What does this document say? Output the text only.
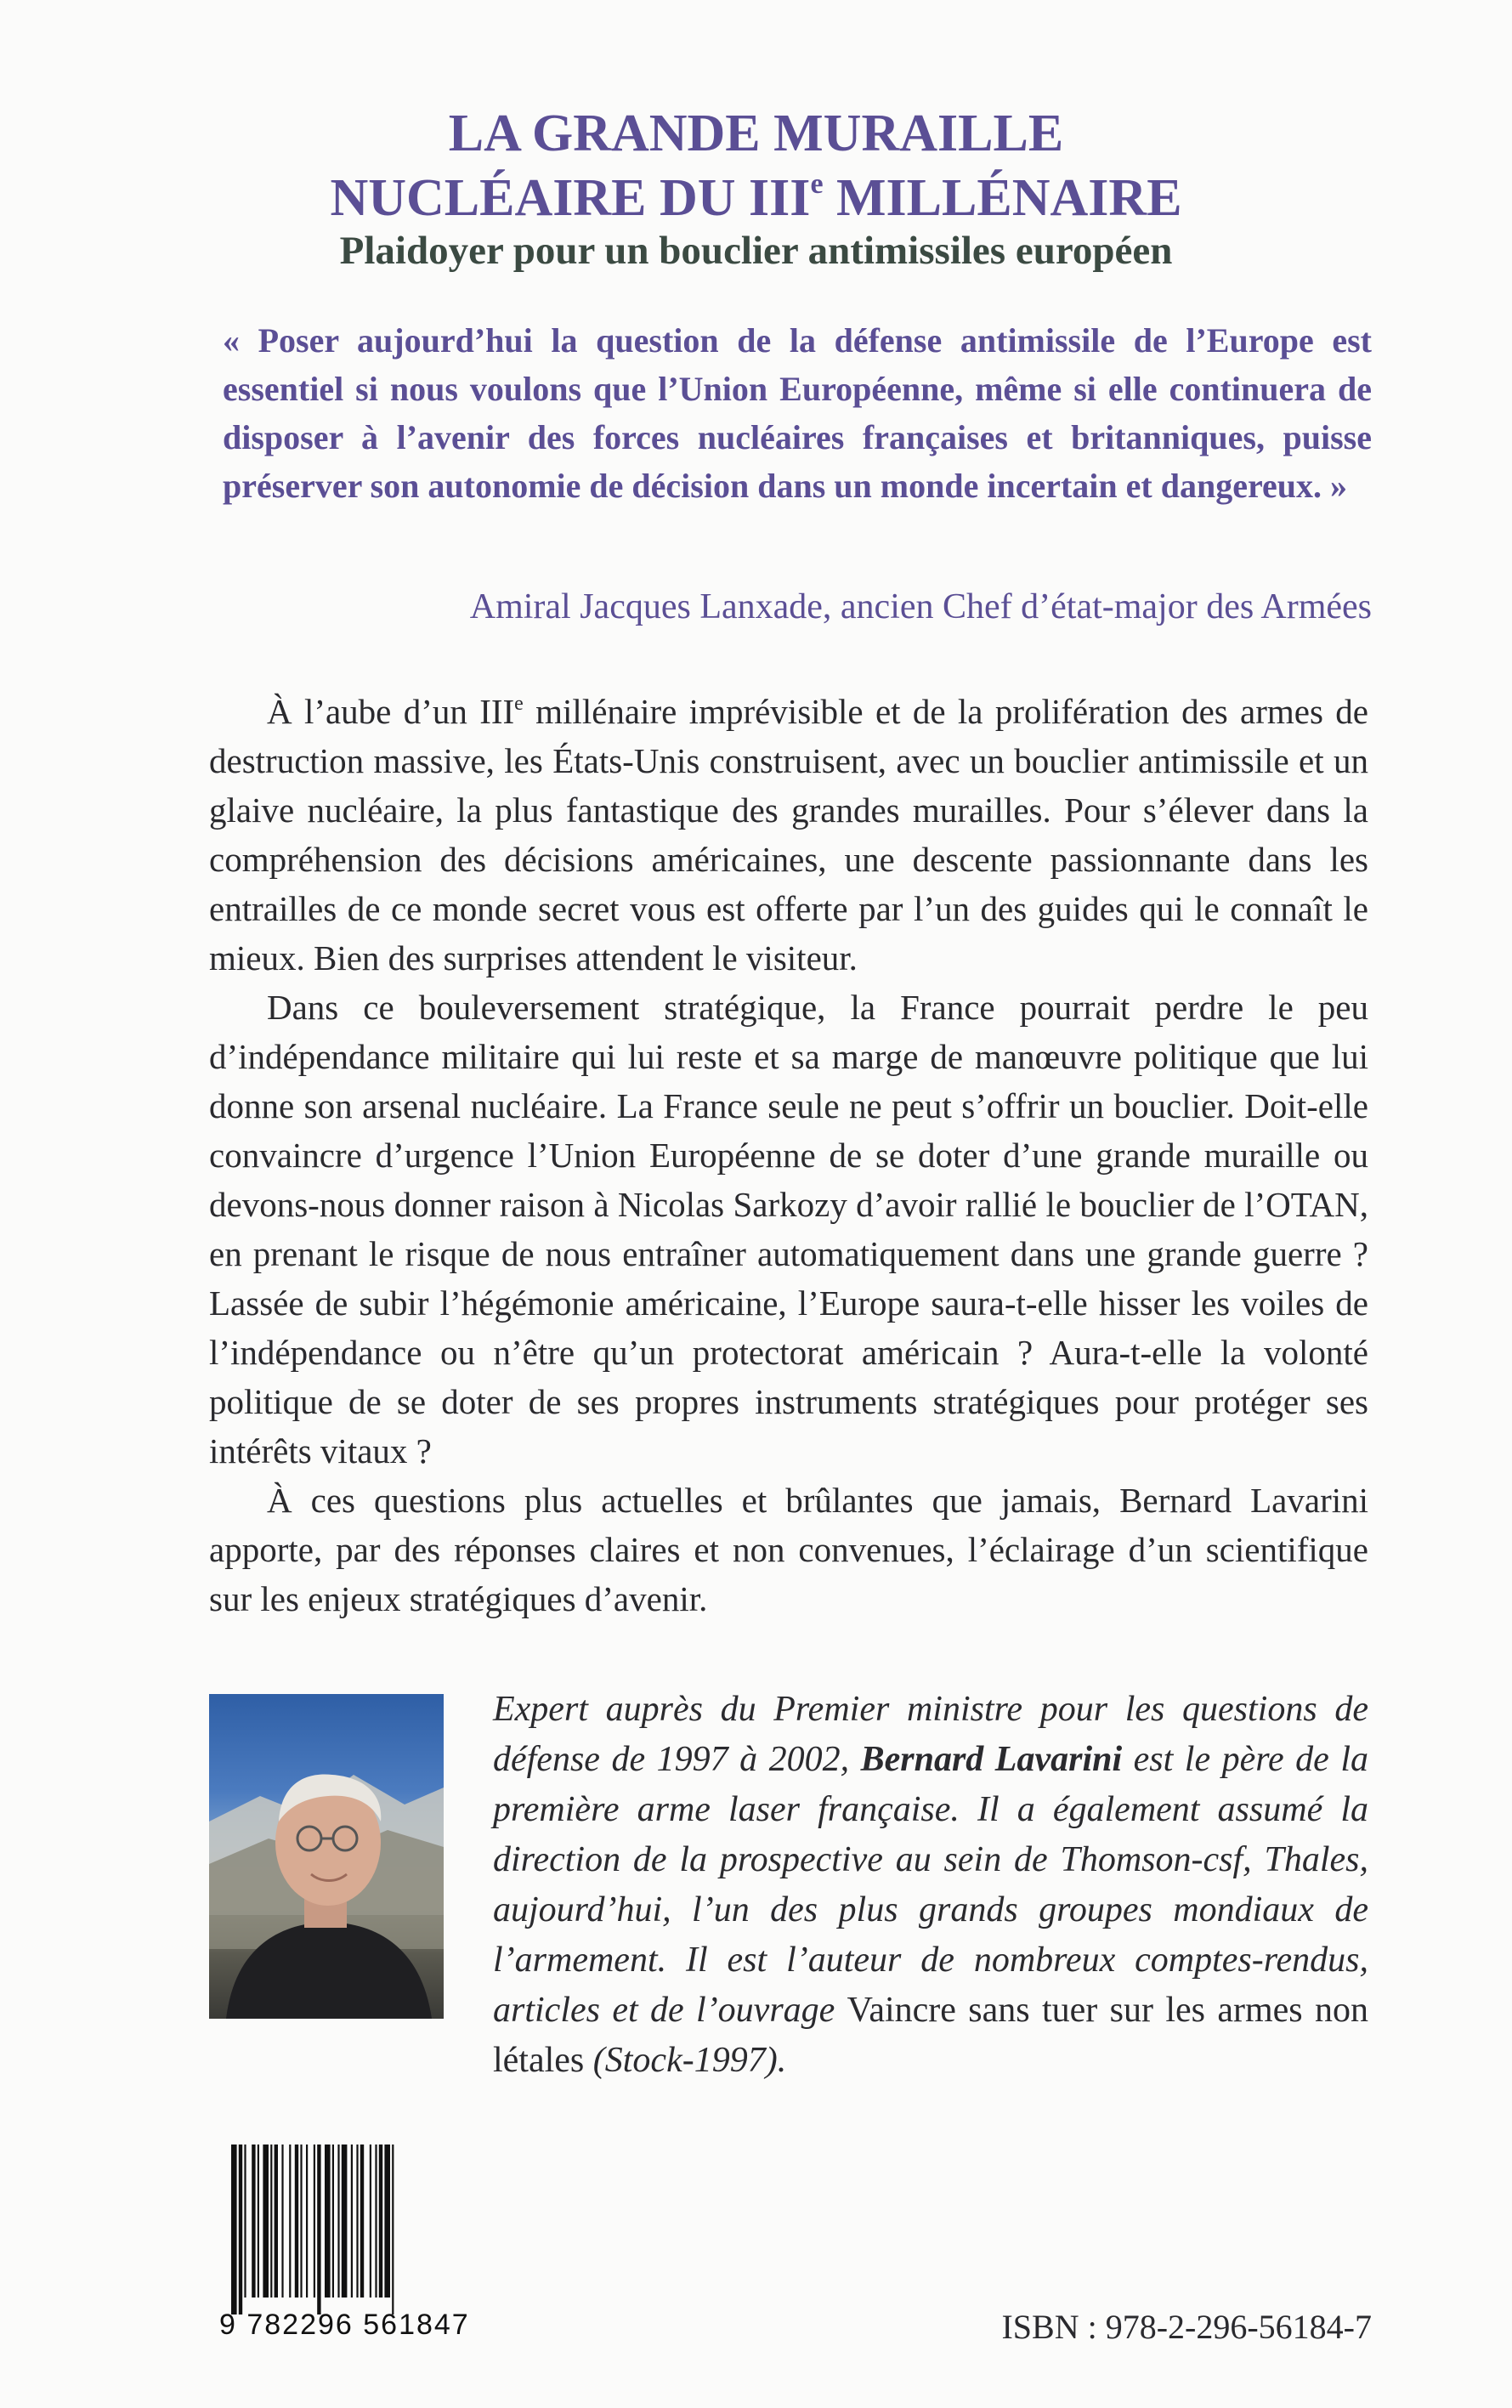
LA GRANDE MURAILLE
NUCLÉAIRE DU IIIe MILLÉNAIRE
Plaidoyer pour un bouclier antimissiles européen

« Poser aujourd’hui la question de la défense antimissile de l’Europe est essentiel si nous voulons que l’Union Européenne, même si elle continuera de disposer à l’avenir des forces nucléaires françaises et britanniques, puisse préserver son autonomie de décision dans un monde incertain et dangereux. »

Amiral Jacques Lanxade, ancien Chef d’état-major des Armées

À l’aube d’un IIIe millénaire imprévisible et de la prolifération des armes de destruction massive, les États-Unis construisent, avec un bouclier antimissile et un glaive nucléaire, la plus fantastique des grandes murailles. Pour s’élever dans la compréhension des décisions américaines, une descente passionnante dans les entrailles de ce monde secret vous est offerte par l’un des guides qui le connaît le mieux. Bien des surprises attendent le visiteur.

Dans ce bouleversement stratégique, la France pourrait perdre le peu d’indépendance militaire qui lui reste et sa marge de manœuvre politique que lui donne son arsenal nucléaire. La France seule ne peut s’offrir un bouclier. Doit-elle convaincre d’urgence l’Union Européenne de se doter d’une grande muraille ou devons-nous donner raison à Nicolas Sarkozy d’avoir rallié le bouclier de l’OTAN, en prenant le risque de nous entraîner automatiquement dans une grande guerre ? Lassée de subir l’hégémonie américaine, l’Europe saura-t-elle hisser les voiles de l’indépendance ou n’être qu’un protectorat américain ? Aura-t-elle la volonté politique de se doter de ses propres instruments stratégiques pour protéger ses intérêts vitaux ?

À ces questions plus actuelles et brûlantes que jamais, Bernard Lavarini apporte, par des réponses claires et non convenues, l’éclairage d’un scientifique sur les enjeux stratégiques d’avenir.

Expert auprès du Premier ministre pour les questions de défense de 1997 à 2002, Bernard Lavarini est le père de la première arme laser française. Il a également assumé la direction de la prospective au sein de Thomson-csf, Thales, aujourd’hui, l’un des plus grands groupes mondiaux de l’armement. Il est l’auteur de nombreux comptes-rendus, articles et de l’ouvrage Vaincre sans tuer sur les armes non létales (Stock-1997).

9 782296 561847	ISBN : 978-2-296-56184-7
